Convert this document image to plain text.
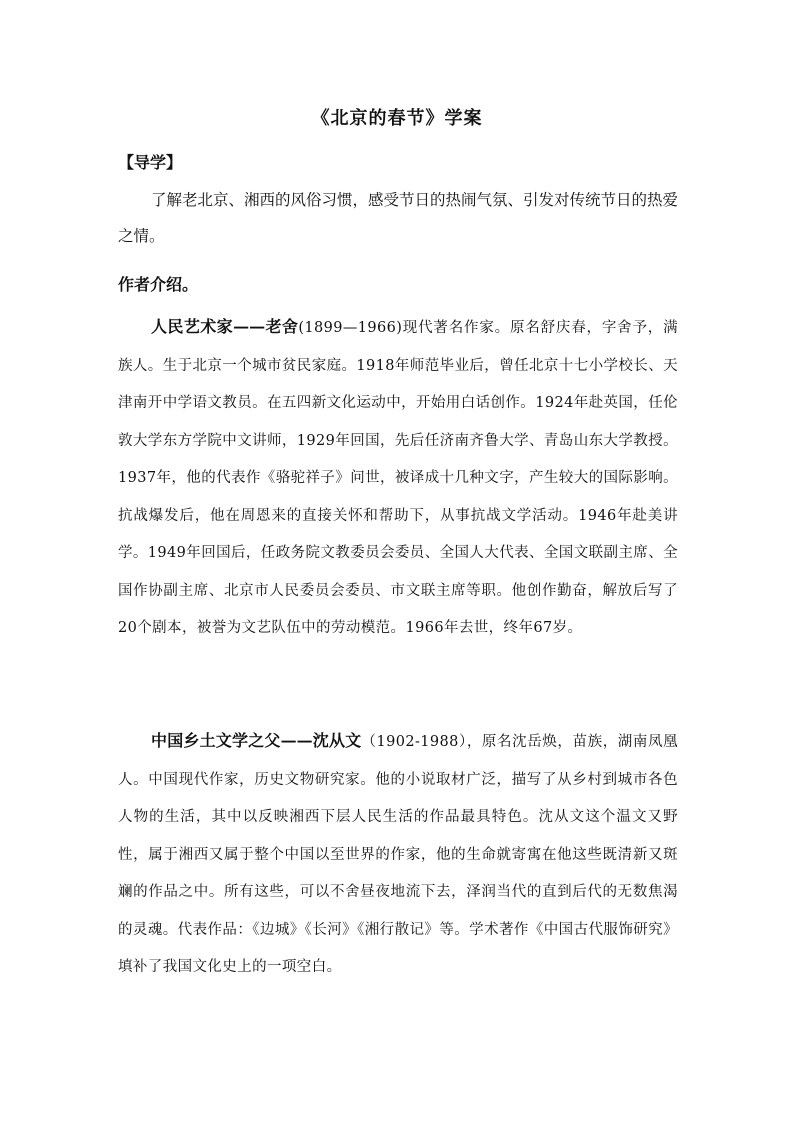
《北京的春节》学案
【导学】

了解老北京、湘西的风俗习惯，感受节日的热闹气氛、引发对传统节日的热爱之情。

作者介绍。

人民艺术家——老舍(1899—1966)现代著名作家。原名舒庆春，字舍予，满族人。生于北京一个城市贫民家庭。1918年师范毕业后，曾任北京十七小学校长、天津南开中学语文教员。在五四新文化运动中，开始用白话创作。1924年赴英国，任伦敦大学东方学院中文讲师，1929年回国，先后任济南齐鲁大学、青岛山东大学教授。1937年，他的代表作《骆驼祥子》问世，被译成十几种文字，产生较大的国际影响。抗战爆发后，他在周恩来的直接关怀和帮助下，从事抗战文学活动。1946年赴美讲学。1949年回国后，任政务院文教委员会委员、全国人大代表、全国文联副主席、全国作协副主席、北京市人民委员会委员、市文联主席等职。他创作勤奋，解放后写了20个剧本，被誉为文艺队伍中的劳动模范。1966年去世，终年67岁。

中国乡土文学之父——沈从文（1902-1988），原名沈岳焕，苗族，湖南凤凰人。中国现代作家，历史文物研究家。他的小说取材广泛，描写了从乡村到城市各色人物的生活，其中以反映湘西下层人民生活的作品最具特色。沈从文这个温文又野性，属于湘西又属于整个中国以至世界的作家，他的生命就寄寓在他这些既清新又斑斓的作品之中。所有这些，可以不舍昼夜地流下去，泽润当代的直到后代的无数焦渴的灵魂。代表作品：《边城》《长河》《湘行散记》等。学术著作《中国古代服饰研究》填补了我国文化史上的一项空白。
